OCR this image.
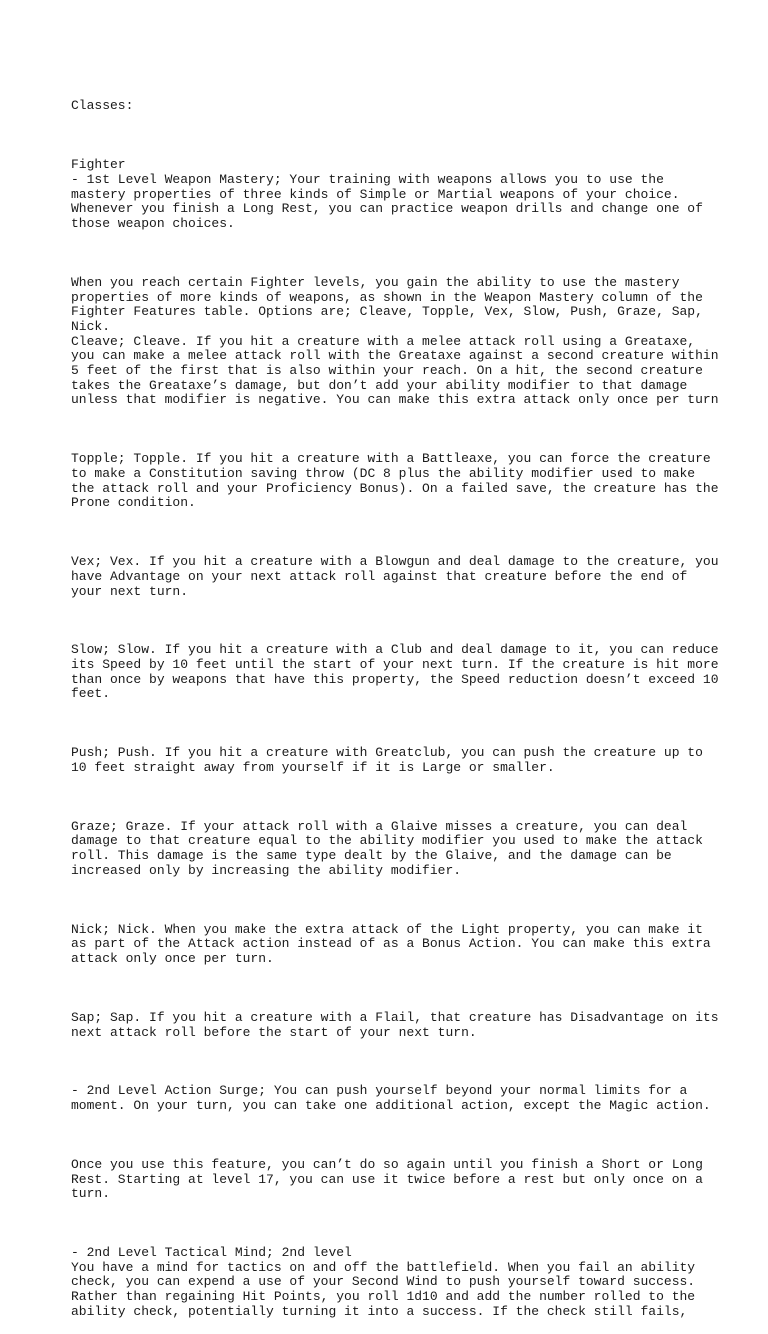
Classes:

Fighter
- 1st Level Weapon Mastery; Your training with weapons allows you to use the
mastery properties of three kinds of Simple or Martial weapons of your choice.
Whenever you finish a Long Rest, you can practice weapon drills and change one of
those weapon choices.

When you reach certain Fighter levels, you gain the ability to use the mastery
properties of more kinds of weapons, as shown in the Weapon Mastery column of the
Fighter Features table. Options are; Cleave, Topple, Vex, Slow, Push, Graze, Sap,
Nick.
Cleave; Cleave. If you hit a creature with a melee attack roll using a Greataxe,
you can make a melee attack roll with the Greataxe against a second creature within
5 feet of the first that is also within your reach. On a hit, the second creature
takes the Greataxe’s damage, but don’t add your ability modifier to that damage
unless that modifier is negative. You can make this extra attack only once per turn

Topple; Topple. If you hit a creature with a Battleaxe, you can force the creature
to make a Constitution saving throw (DC 8 plus the ability modifier used to make
the attack roll and your Proficiency Bonus). On a failed save, the creature has the
Prone condition.

Vex; Vex. If you hit a creature with a Blowgun and deal damage to the creature, you
have Advantage on your next attack roll against that creature before the end of
your next turn.

Slow; Slow. If you hit a creature with a Club and deal damage to it, you can reduce
its Speed by 10 feet until the start of your next turn. If the creature is hit more
than once by weapons that have this property, the Speed reduction doesn’t exceed 10
feet.

Push; Push. If you hit a creature with Greatclub, you can push the creature up to
10 feet straight away from yourself if it is Large or smaller.

Graze; Graze. If your attack roll with a Glaive misses a creature, you can deal
damage to that creature equal to the ability modifier you used to make the attack
roll. This damage is the same type dealt by the Glaive, and the damage can be
increased only by increasing the ability modifier.

Nick; Nick. When you make the extra attack of the Light property, you can make it
as part of the Attack action instead of as a Bonus Action. You can make this extra
attack only once per turn.

Sap; Sap. If you hit a creature with a Flail, that creature has Disadvantage on its
next attack roll before the start of your next turn.

- 2nd Level Action Surge; You can push yourself beyond your normal limits for a
moment. On your turn, you can take one additional action, except the Magic action.

Once you use this feature, you can’t do so again until you finish a Short or Long
Rest. Starting at level 17, you can use it twice before a rest but only once on a
turn.

- 2nd Level Tactical Mind; 2nd level
You have a mind for tactics on and off the battlefield. When you fail an ability
check, you can expend a use of your Second Wind to push yourself toward success.
Rather than regaining Hit Points, you roll 1d10 and add the number rolled to the
ability check, potentially turning it into a success. If the check still fails,
